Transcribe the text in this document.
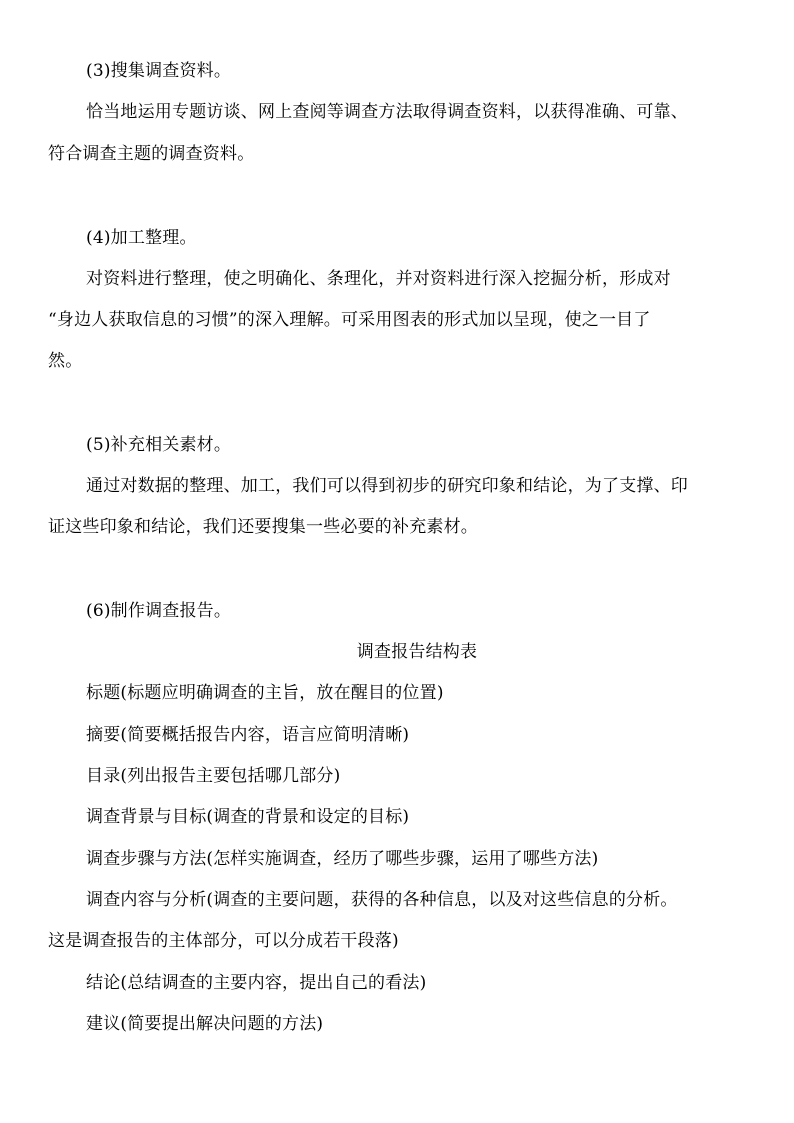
(3)搜集调查资料。
恰当地运用专题访谈、网上查阅等调查方法取得调查资料，以获得准确、可靠、
符合调查主题的调查资料。
(4)加工整理。
对资料进行整理，使之明确化、条理化，并对资料进行深入挖掘分析，形成对
“身边人获取信息的习惯”的深入理解。可采用图表的形式加以呈现，使之一目了
然。
(5)补充相关素材。
通过对数据的整理、加工，我们可以得到初步的研究印象和结论，为了支撑、印
证这些印象和结论，我们还要搜集一些必要的补充素材。
(6)制作调查报告。
调查报告结构表
标题(标题应明确调查的主旨，放在醒目的位置)
摘要(简要概括报告内容，语言应简明清晰)
目录(列出报告主要包括哪几部分)
调查背景与目标(调查的背景和设定的目标)
调查步骤与方法(怎样实施调查，经历了哪些步骤，运用了哪些方法)
调查内容与分析(调查的主要问题，获得的各种信息，以及对这些信息的分析。
这是调查报告的主体部分，可以分成若干段落)
结论(总结调查的主要内容，提出自己的看法)
建议(简要提出解决问题的方法)
